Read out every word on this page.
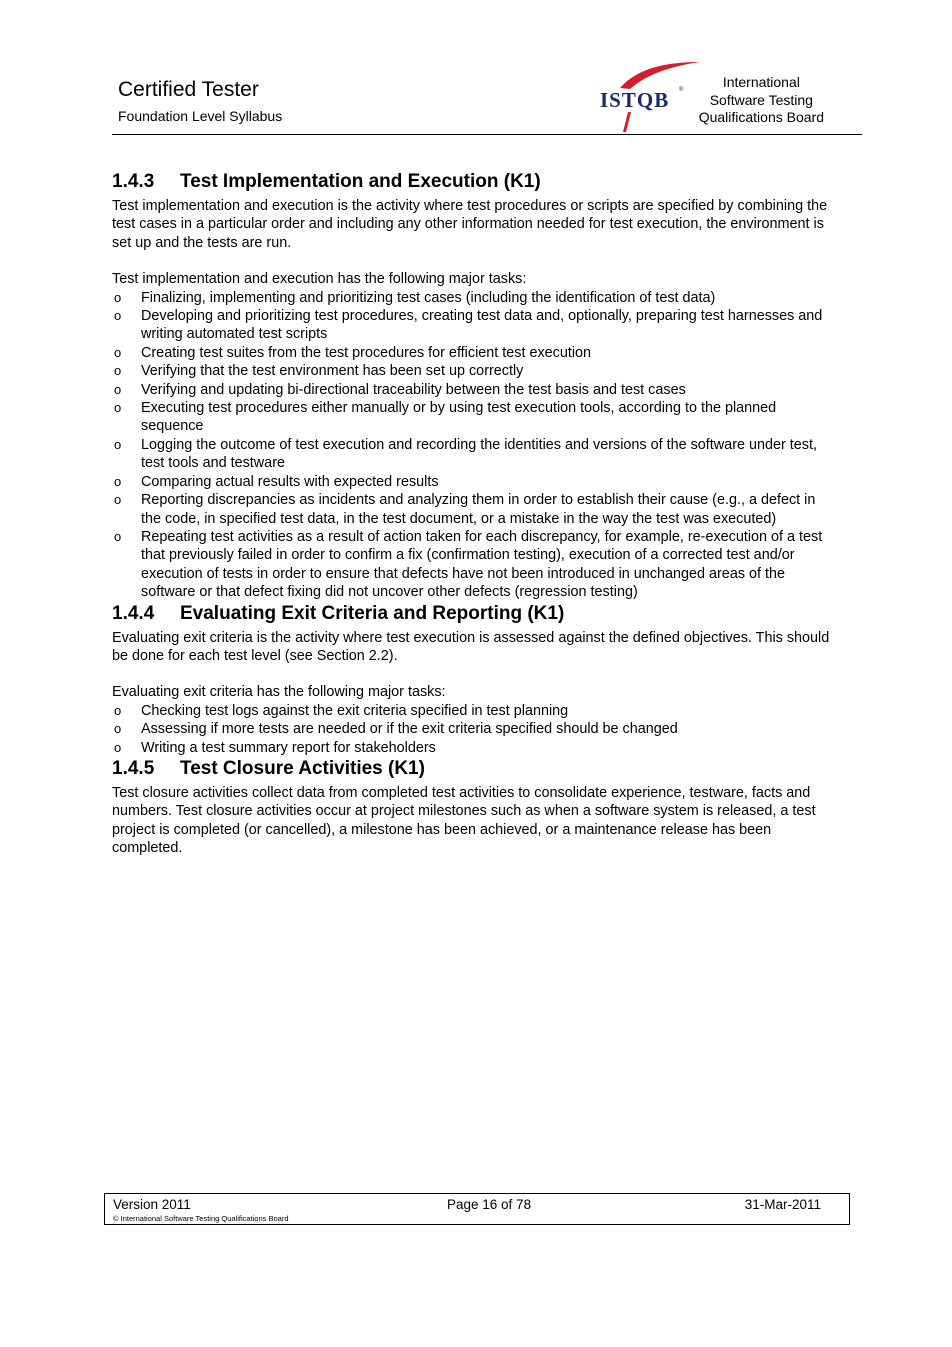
Certified Tester
Foundation Level Syllabus
ISTQB ®	International
Software Testing
Qualifications Board
1.4.3 Test Implementation and Execution (K1)

Test implementation and execution is the activity where test procedures or scripts are specified by combining the test cases in a particular order and including any other information needed for test execution, the environment is set up and the tests are run.

Test implementation and execution has the following major tasks:

o Finalizing, implementing and prioritizing test cases (including the identification of test data)
o Developing and prioritizing test procedures, creating test data and, optionally, preparing test harnesses and writing automated test scripts
o Creating test suites from the test procedures for efficient test execution
o Verifying that the test environment has been set up correctly
o Verifying and updating bi-directional traceability between the test basis and test cases
o Executing test procedures either manually or by using test execution tools, according to the planned sequence
o Logging the outcome of test execution and recording the identities and versions of the software under test, test tools and testware
o Comparing actual results with expected results
o Reporting discrepancies as incidents and analyzing them in order to establish their cause (e.g., a defect in the code, in specified test data, in the test document, or a mistake in the way the test was executed)
o Repeating test activities as a result of action taken for each discrepancy, for example, re-execution of a test that previously failed in order to confirm a fix (confirmation testing), execution of a corrected test and/or execution of tests in order to ensure that defects have not been introduced in unchanged areas of the software or that defect fixing did not uncover other defects (regression testing)
1.4.4 Evaluating Exit Criteria and Reporting (K1)

Evaluating exit criteria is the activity where test execution is assessed against the defined objectives. This should be done for each test level (see Section 2.2).

Evaluating exit criteria has the following major tasks:

o Checking test logs against the exit criteria specified in test planning
o Assessing if more tests are needed or if the exit criteria specified should be changed
o Writing a test summary report for stakeholders
1.4.5 Test Closure Activities (K1)

Test closure activities collect data from completed test activities to consolidate experience, testware, facts and numbers. Test closure activities occur at project milestones such as when a software system is released, a test project is completed (or cancelled), a milestone has been achieved, or a maintenance release has been completed.

Version 2011
© International Software Testing Qualifications Board
Page 16 of 78	31-Mar-2011
